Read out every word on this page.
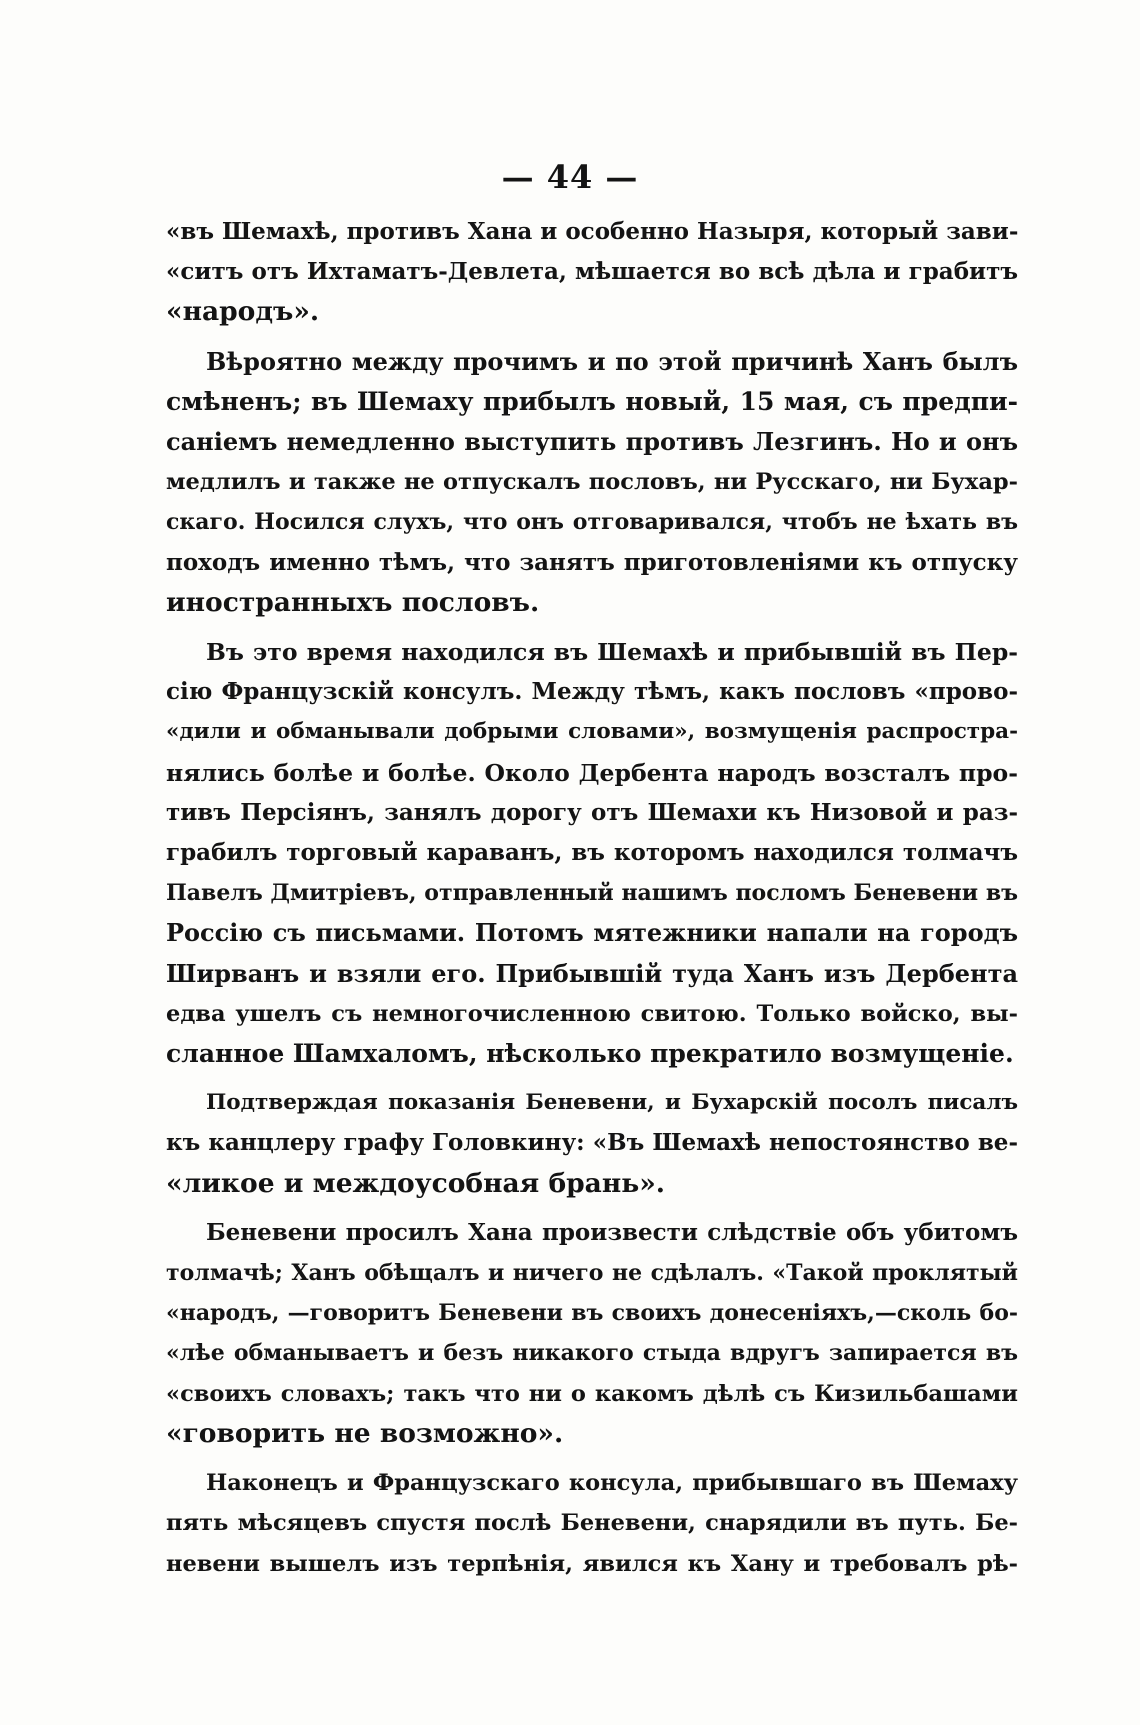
— 44 —
«въ Шемахѣ, противъ Хана и особенно Назыря, который зави-
«ситъ отъ Ихтаматъ-Девлета, мѣшается во всѣ дѣла и грабитъ
«народъ».
Вѣроятно между прочимъ и по этой причинѣ Ханъ былъ
смѣненъ; въ Шемаху прибылъ новый, 15 мая, съ предпи-
саніемъ немедленно выступить противъ Лезгинъ. Но и онъ
медлилъ и также не отпускалъ пословъ, ни Русскаго, ни Бухар-
скаго. Носился слухъ, что онъ отговаривался, чтобъ не ѣхать въ
походъ именно тѣмъ, что занятъ приготовленіями къ отпуску
иностранныхъ пословъ.
Въ это время находился въ Шемахѣ и прибывшій въ Пер-
сію Французскій консулъ. Между тѣмъ, какъ пословъ «прово-
«дили и обманывали добрыми словами», возмущенія распростра-
нялись болѣе и болѣе. Около Дербента народъ возсталъ про-
тивъ Персіянъ, занялъ дорогу отъ Шемахи къ Низовой и раз-
грабилъ торговый караванъ, въ которомъ находился толмачъ
Павелъ Дмитріевъ, отправленный нашимъ посломъ Беневени въ
Россію съ письмами. Потомъ мятежники напали на городъ
Ширванъ и взяли его. Прибывшій туда Ханъ изъ Дербента
едва ушелъ съ немногочисленною свитою. Только войско, вы-
сланное Шамхаломъ, нѣсколько прекратило возмущеніе.
Подтверждая показанія Беневени, и Бухарскій посолъ писалъ
къ канцлеру графу Головкину: «Въ Шемахѣ непостоянство ве-
«ликое и междоусобная брань».
Беневени просилъ Хана произвести слѣдствіе объ убитомъ
толмачѣ; Ханъ обѣщалъ и ничего не сдѣлалъ. «Такой проклятый
«народъ, —говоритъ Беневени въ своихъ донесеніяхъ,—сколь бо-
«лѣе обманываетъ и безъ никакого стыда вдругъ запирается въ
«своихъ словахъ; такъ что ни о какомъ дѣлѣ съ Кизильбашами
«говорить не возможно».
Наконецъ и Французскаго консула, прибывшаго въ Шемаху
пять мѣсяцевъ спустя послѣ Беневени, снарядили въ путь. Бе-
невени вышелъ изъ терпѣнія, явился къ Хану и требовалъ рѣ-
